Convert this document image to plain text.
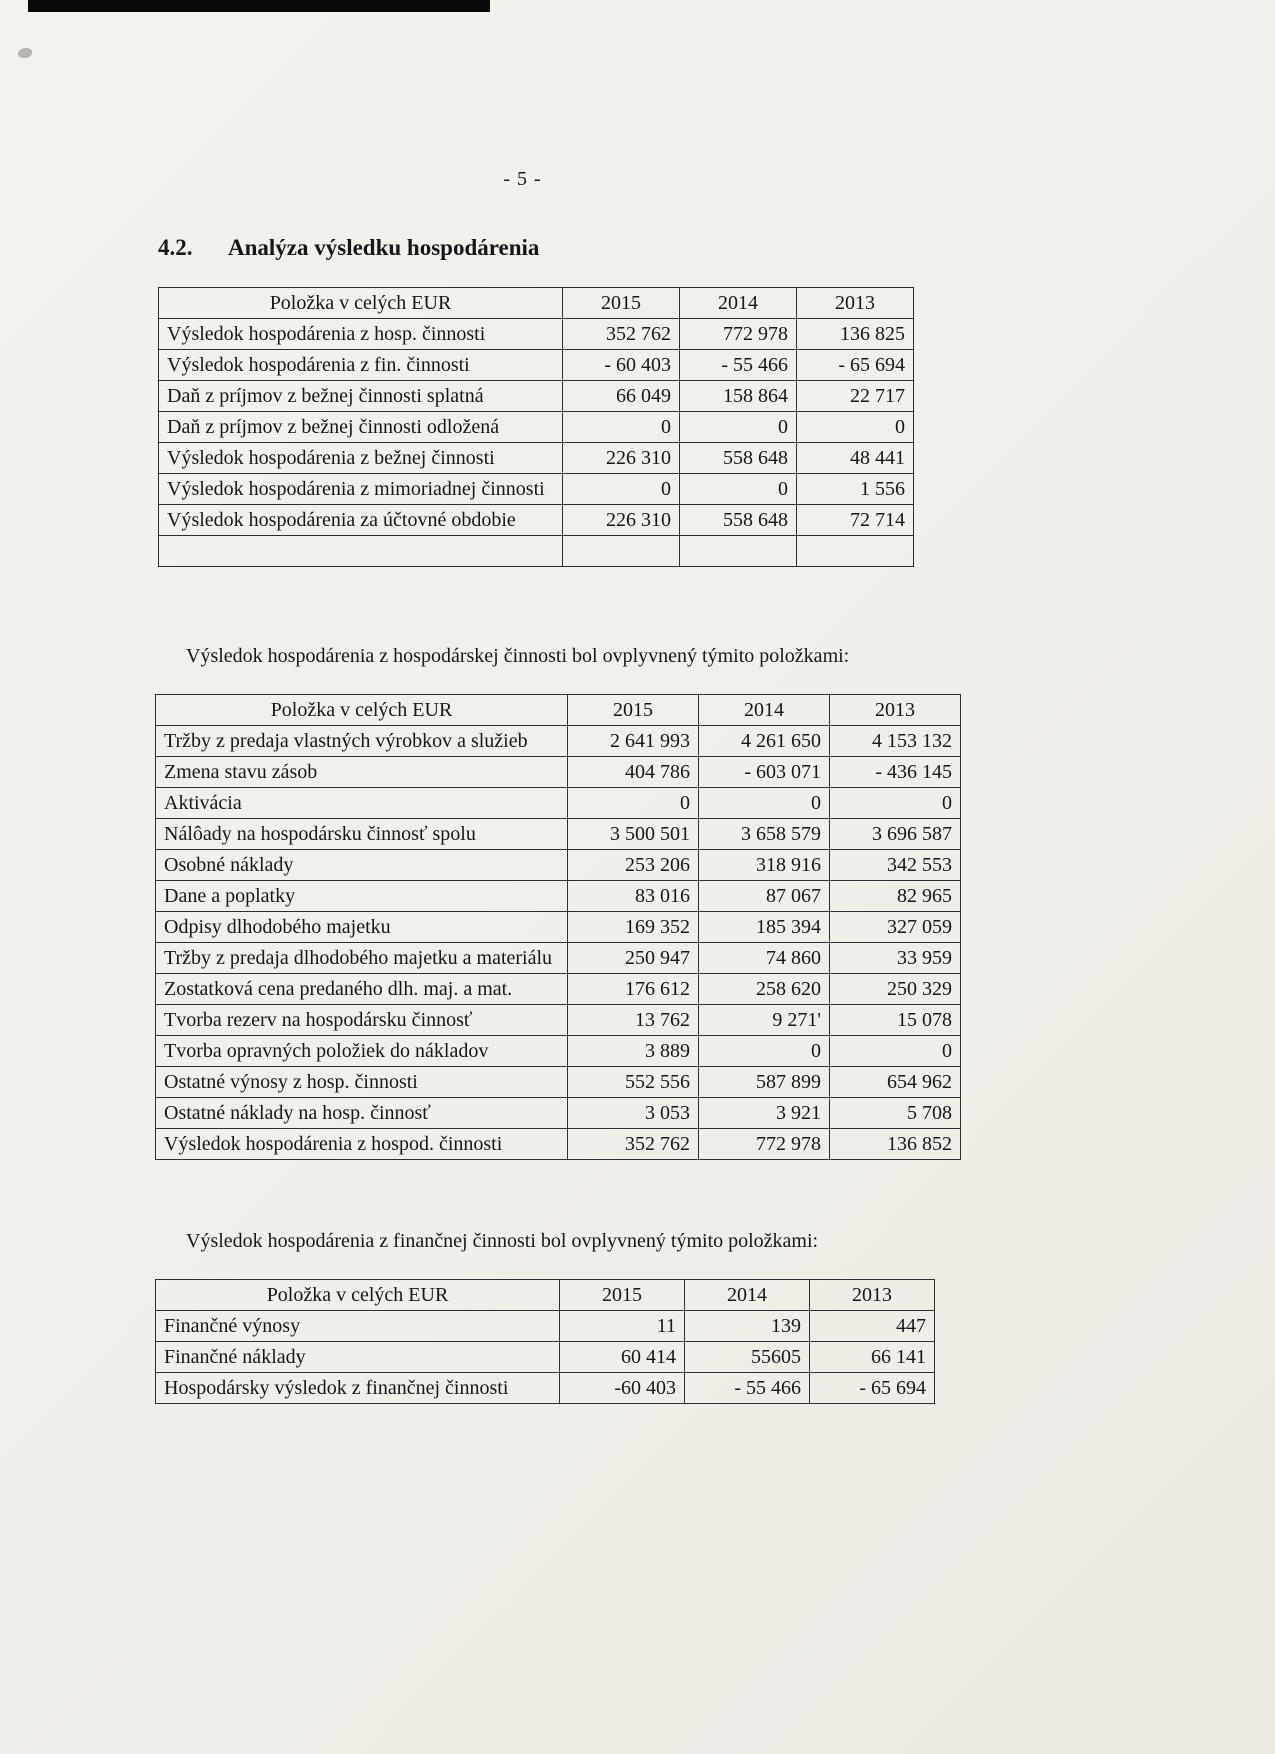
- 5 -
4.2.	Analýza výsledku hospodárenia
Položka v celých EUR	2015	2014	2013
Výsledok hospodárenia z hosp. činnosti	352 762	772 978	136 825
Výsledok hospodárenia z fin. činnosti	- 60 403	- 55 466	- 65 694
Daň z príjmov z bežnej činnosti splatná	66 049	158 864	22 717
Daň z príjmov z bežnej činnosti odložená	0	0	0
Výsledok hospodárenia z bežnej činnosti	226 310	558 648	48 441
Výsledok hospodárenia z mimoriadnej činnosti	0	0	1 556
Výsledok hospodárenia za účtovné obdobie	226 310	558 648	72 714

Výsledok hospodárenia z hospodárskej činnosti bol ovplyvnený týmito položkami:

Položka v celých EUR	2015	2014	2013
Tržby z predaja vlastných výrobkov a služieb	2 641 993	4 261 650	4 153 132
Zmena stavu zásob	404 786	- 603 071	- 436 145
Aktivácia	0	0	0
Nálôady na hospodársku činnosť spolu	3 500 501	3 658 579	3 696 587
Osobné náklady	253 206	318 916	342 553
Dane a poplatky	83 016	87 067	82 965
Odpisy dlhodobého majetku	169 352	185 394	327 059
Tržby z predaja dlhodobého majetku a materiálu	250 947	74 860	33 959
Zostatková cena predaného dlh. maj. a mat.	176 612	258 620	250 329
Tvorba rezerv na hospodársku činnosť	13 762	9 271'	15 078
Tvorba opravných položiek do nákladov	3 889	0	0
Ostatné výnosy z hosp. činnosti	552 556	587 899	654 962
Ostatné náklady na hosp. činnosť	3 053	3 921	5 708
Výsledok hospodárenia z hospod. činnosti	352 762	772 978	136 852

Výsledok hospodárenia z finančnej činnosti bol ovplyvnený týmito položkami:

Položka v celých EUR	2015	2014	2013
Finančné výnosy	11	139	447
Finančné náklady	60 414	55605	66 141
Hospodársky výsledok z finančnej činnosti	-60 403	- 55 466	- 65 694
